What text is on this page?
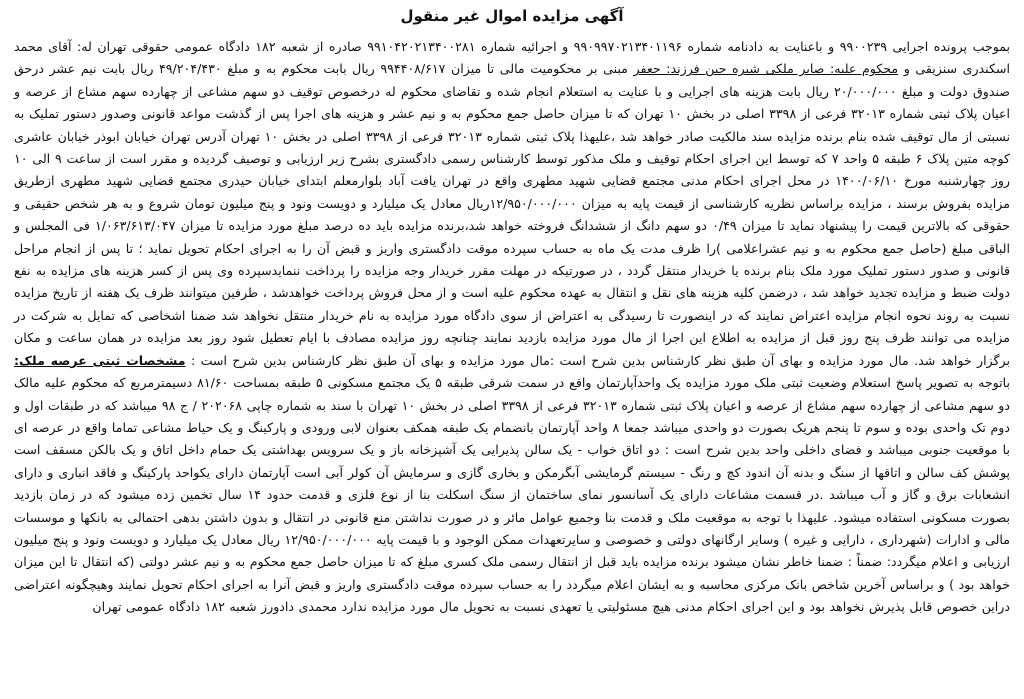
آگهی مزایده اموال غیر منقول
بموجب پرونده اجرایی ۹۹۰۰۲۳۹ و باعنایت به دادنامه شماره ۹۹۰۹۹۷۰۲۱۳۴۰۱۱۹۶ و اجرائیه شماره ۹۹۱۰۴۲۰۲۱۳۴۰۰۲۸۱ صادره از شعبه ۱۸۲ دادگاه عمومی حقوقی تهران له: آقای محمد اسکندری سنزیقی و محکوم علیه: صابر ملکی شیره جین فرزند: جعفر مبنی بر محکومیت مالی تا میزان ۹۹۴۴۰۸/۶۱۷ ریال بابت محکوم به و مبلغ ۴۹/۲۰۴/۴۳۰ ریال بابت نیم عشر درحق صندوق دولت و مبلغ ۲۰/۰۰۰/۰۰۰ ریال بابت هزینه های اجرایی و با عنایت به استعلام انجام شده و تقاضای محکوم له درخصوص توقیف دو سهم مشاعی از چهارده سهم مشاع از عرصه و اعیان پلاک ثبتی شماره ۳۲۰۱۳ فرعی از ۳۳۹۸ اصلی در بخش ۱۰ تهران که تا میزان حاصل جمع محکوم به و نیم عشر و هزینه های اجرا پس از گذشت مواعد قانونی وصدور دستور تملیک به نسبتی از مال توقیف شده بنام برنده مزایده سند مالکیت صادر خواهد شد ،علیهذا پلاک ثبتی شماره ۳۲۰۱۳ فرعی از ۳۳۹۸ اصلی در بخش ۱۰ تهران آدرس تهران خیابان ابوذر خیابان عاشری کوچه متین پلاک ۶ طبقه ۵ واحد ۷ که توسط این اجرای احکام توقیف و ملک مذکور توسط کارشناس رسمی دادگستری بشرح زیر ارزیابی و توصیف گردیده و مقرر است از ساعت ۹ الی ۱۰ روز چهارشنبه مورخ ۱۴۰۰/۰۶/۱۰ در محل اجرای احکام مدنی مجتمع قضایی شهید مطهری واقع در تهران یافت آباد بلوارمعلم ابتدای خیابان حیدری مجتمع قضایی شهید مطهری ازطریق مزایده بفروش برسند ، مزایده براساس نظریه کارشناسی از قیمت پایه به میزان ۱۲/۹۵۰/۰۰۰/۰۰۰ریال معادل یک میلیارد و دویست ونود و پنج میلیون تومان شروع و به هر شخص حقیقی و حقوقی که بالاترین قیمت را پیشنهاد نماید تا میزان ۰/۴۹ دو سهم دانگ از ششدانگ فروخته خواهد شد،برنده مزایده باید ده درصد مبلغ مورد مزایده تا میزان ۱/۰۶۳/۶۱۳/۰۴۷ فی المجلس و الباقی مبلغ (حاصل جمع محکوم به و نیم عشراعلامی )را ظرف مدت یک ماه به حساب سپرده موقت دادگستری واریز و قبض آن را به اجرای احکام تحویل نماید ؛ تا پس از انجام مراحل قانونی و صدور دستور تملیک مورد ملک بنام برنده یا خریدار منتقل گردد ، در صورتیکه در مهلت مقرر خریدار وجه مزایده را پرداخت ننمایدسپرده وی پس از کسر هزینه های مزایده به نفع دولت ضبط و مزایده تجدید خواهد شد ، درضمن کلیه هزینه های نقل و انتقال به عهده محکوم علیه است و از محل فروش پرداخت خواهدشد ، طرفین میتوانند ظرف یک هفته از تاریخ مزایده نسبت به روند نحوه انجام مزایده اعتراض نمایند که در اینصورت تا رسیدگی به اعتراض از سوی دادگاه مورد مزایده به نام خریدار منتقل نخواهد شد ضمنا اشخاصی که تمایل به شرکت در مزایده می توانند ظرف پنج روز قبل از مزایده به اطلاع این اجرا از مال مورد مزایده بازدید نمایند چنانچه روز مزایده مصادف با ایام تعطیل شود روز بعد مزایده در همان ساعت و مکان برگزار خواهد شد. مال مورد مزایده و بهای آن طبق نظر کارشناس بدین شرح است :مال مورد مزایده و بهای آن طبق نظر کارشناس بدین شرح است : مشخصات ثبتی عرصه ملک: باتوجه به تصویر پاسخ استعلام وضعیت ثبتی ملک مورد مزایده یک واحدآپارتمان واقع در سمت شرقی طبقه ۵ یک مجتمع مسکونی ۵ طبقه بمساحت ۸۱/۶۰ دسیمترمربع که محکوم علیه مالک دو سهم مشاعی از چهارده سهم مشاع از عرصه و اعیان پلاک ثبتی شماره ۳۲۰۱۳ فرعی از ۳۳۹۸ اصلی در بخش ۱۰ تهران با سند به شماره چاپی ۲۰۲۰۶۸ / ج ۹۸ میباشد که در طبقات اول و دوم تک واحدی بوده و سوم تا پنجم هریک بصورت دو واحدی میباشد جمعا ۸ واحد آپارتمان بانضمام یک طبقه همکف بعنوان لابی ورودی و پارکینگ و یک حیاط مشاعی تماما واقع در عرصه ای با موقعیت جنوبی میباشد و فضای داخلی واحد بدین شرح است : دو اتاق خواب - یک سالن پذیرایی یک آشپزخانه باز و یک سرویس بهداشتی یک حمام داخل اتاق و یک بالکن مسقف است پوشش کف سالن و اتاقها از سنگ و بدنه آن اندود کچ و رنگ - سیستم گرمایشی آبگرمکن و بخاری گازی و سرمایش آن کولر آبی است آپارتمان دارای یکواحد پارکینگ و فاقد انباری و دارای انشعابات برق و گاز و آب میباشد .در قسمت مشاعات دارای یک آسانسور نمای ساختمان از سنگ اسکلت بنا از نوع فلزی و قدمت حدود ۱۴ سال تخمین زده میشود که در زمان بازدید بصورت مسکونی استفاده میشود. علیهذا با توجه به موقعیت ملک و قدمت بنا وجمیع عوامل مائر و در صورت نداشتن منع قانونی در انتقال و بدون داشتن بدهی احتمالی به بانکها و موسسات مالی و ادارات (شهرداری ، دارایی و غیره ) وسایر ارگانهای دولتی و خصوصی و سایرتعهدات ممکن الوجود و با قیمت پایه ۱۲/۹۵۰/۰۰۰/۰۰۰ ریال معادل یک میلیارد و دویست ونود و پنج میلیون ارزیابی و اعلام میگردد: ضمناً : ضمنا خاطر نشان میشود برنده مزایده باید قبل از انتقال رسمی ملک کسری مبلغ که تا میزان حاصل جمع محکوم به و نیم عشر دولتی (که انتقال تا این میزان خواهد بود ) و براساس آخرین شاخص بانک مرکزی محاسبه و به ایشان اعلام میگردد را به حساب سپرده موقت دادگستری واریز و قبض آنرا به اجرای احکام تحویل نمایند وهیچگونه اعتراضی دراین خصوص قابل پذیرش نخواهد بود و این اجرای احکام مدنی هیچ مسئولیتی یا تعهدی نسبت به تحویل مال مورد مزایده ندارد محمدی دادورز شعبه ۱۸۲ دادگاه عمومی تهران
